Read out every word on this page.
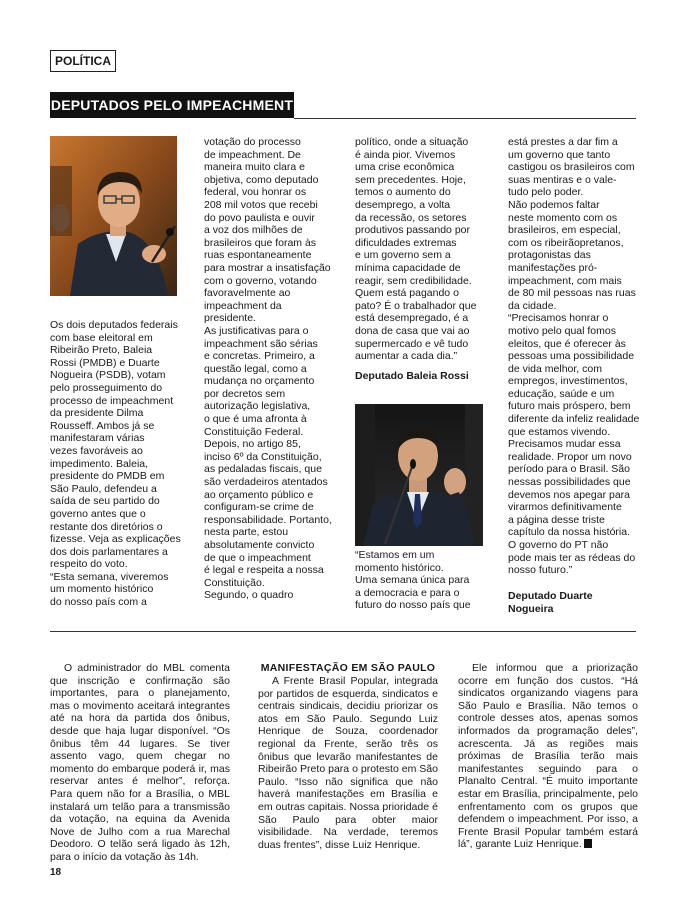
POLÍTICA
DEPUTADOS PELO IMPEACHMENT
Os dois deputados federais
com base eleitoral em
Ribeirão Preto, Baleia
Rossi (PMDB) e Duarte
Nogueira (PSDB), votam
pelo prosseguimento do
processo de impeachment
da presidente Dilma
Rousseff. Ambos já se
manifestaram várias
vezes favoráveis ao
impedimento. Baleia,
presidente do PMDB em
São Paulo, defendeu a
saída de seu partido do
governo antes que o
restante dos diretórios o
fizesse. Veja as explicações
dos dois parlamentares a
respeito do voto.
“Esta semana, viveremos
um momento histórico
do nosso país com a
votação do processo
de impeachment. De
maneira muito clara e
objetiva, como deputado
federal, vou honrar os
208 mil votos que recebi
do povo paulista e ouvir
a voz dos milhões de
brasileiros que foram às
ruas espontaneamente
para mostrar a insatisfação
com o governo, votando
favoravelmente ao
impeachment da
presidente.
As justificativas para o
impeachment são sérias
e concretas. Primeiro, a
questão legal, como a
mudança no orçamento
por decretos sem
autorização legislativa,
o que é uma afronta à
Constituição Federal.
Depois, no artigo 85,
inciso 6º da Constituição,
as pedaladas fiscais, que
são verdadeiros atentados
ao orçamento público e
configuram-se crime de
responsabilidade. Portanto,
nesta parte, estou
absolutamente convicto
de que o impeachment
é legal e respeita a nossa
Constituição.
Segundo, o quadro
político, onde a situação
é ainda pior. Vivemos
uma crise econômica
sem precedentes. Hoje,
temos o aumento do
desemprego, a volta
da recessão, os setores
produtivos passando por
dificuldades extremas
e um governo sem a
mínima capacidade de
reagir, sem credibilidade.
Quem está pagando o
pato? É o trabalhador que
está desempregado, é a
dona de casa que vai ao
supermercado e vê tudo
aumentar a cada dia.”
Deputado Baleia Rossi
“Estamos em um
momento histórico.
Uma semana única para
a democracia e para o
futuro do nosso país que
está prestes a dar fim a
um governo que tanto
castigou os brasileiros com
suas mentiras e o vale-
tudo pelo poder.
Não podemos faltar
neste momento com os
brasileiros, em especial,
com os ribeirãopretanos,
protagonistas das
manifestações pró-
impeachment, com mais
de 80 mil pessoas nas ruas
da cidade.
“Precisamos honrar o
motivo pelo qual fomos
eleitos, que é oferecer às
pessoas uma possibilidade
de vida melhor, com
empregos, investimentos,
educação, saúde e um
futuro mais próspero, bem
diferente da infeliz realidade
que estamos vivendo.
Precisamos mudar essa
realidade. Propor um novo
período para o Brasil. São
nessas possibilidades que
devemos nos apegar para
virarmos definitivamente
a página desse triste
capítulo da nossa história.
O governo do PT não
pode mais ter as rédeas do
nosso futuro.”
Deputado Duarte
Nogueira
O administrador do MBL comenta que inscrição e confirmação são importantes, para o planejamento, mas o movimento aceitará integrantes até na hora da partida dos ônibus, desde que haja lugar disponível. “Os ônibus têm 44 lugares. Se tiver assento vago, quem chegar no momento do embarque poderá ir, mas reservar antes é melhor”, reforça. Para quem não for a Brasília, o MBL instalará um telão para a transmissão da votação, na equina da Avenida Nove de Julho com a rua Marechal Deodoro. O telão será ligado às 12h, para o início da votação às 14h.
MANIFESTAÇÃO EM SÃO PAULO
A Frente Brasil Popular, integrada por partidos de esquerda, sindicatos e centrais sindicais, decidiu priorizar os atos em São Paulo. Segundo Luiz Henrique de Souza, coordenador regional da Frente, serão três os ônibus que levarão manifestantes de Ribeirão Preto para o protesto em São Paulo. “Isso não significa que não haverá manifestações em Brasília e em outras capitais. Nossa prioridade é São Paulo para obter maior visibilidade. Na verdade, teremos duas frentes”, disse Luiz Henrique.
Ele informou que a priorização ocorre em função dos custos. “Há sindicatos organizando viagens para São Paulo e Brasília. Não temos o controle desses atos, apenas somos informados da programação deles”, acrescenta. Já as regiões mais próximas de Brasília terão mais manifestantes seguindo para o Planalto Central. “É muito importante estar em Brasília, principalmente, pelo enfrentamento com os grupos que defendem o impeachment. Por isso, a Frente Brasil Popular também estará lá”, garante Luiz Henrique.
18
